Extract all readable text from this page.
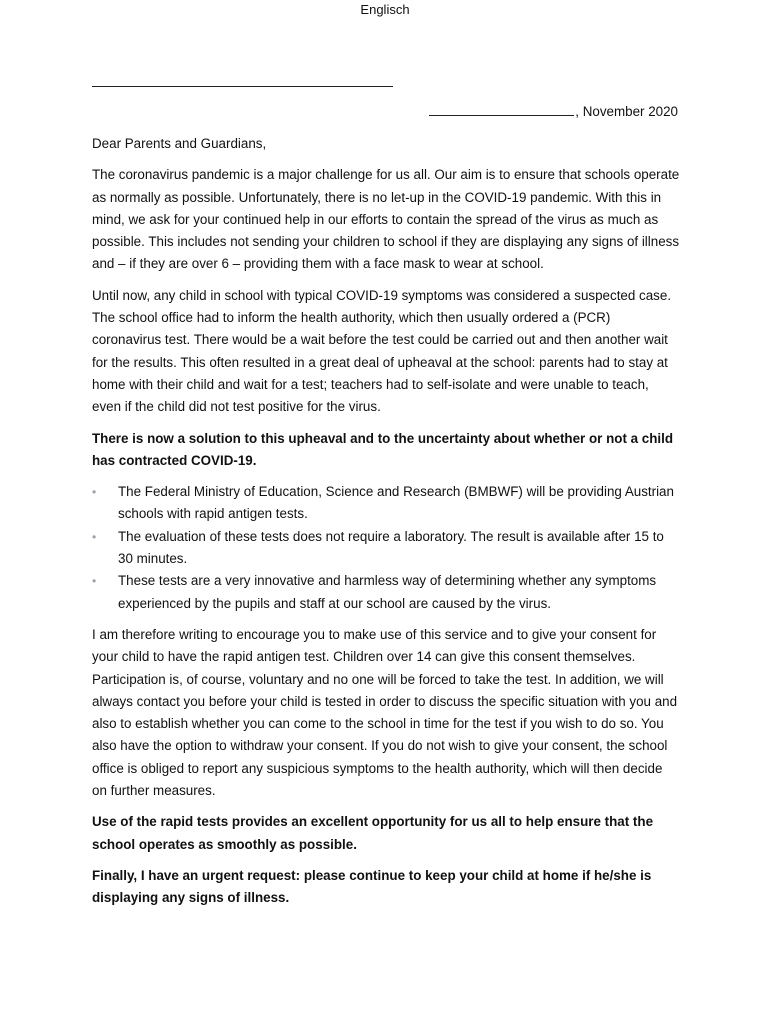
Englisch
, November 2020

Dear Parents and Guardians,

The coronavirus pandemic is a major challenge for us all. Our aim is to ensure that schools operate as normally as possible. Unfortunately, there is no let-up in the COVID-19 pandemic. With this in mind, we ask for your continued help in our efforts to contain the spread of the virus as much as possible. This includes not sending your children to school if they are displaying any signs of illness and – if they are over 6 – providing them with a face mask to wear at school.

Until now, any child in school with typical COVID-19 symptoms was considered a suspected case. The school office had to inform the health authority, which then usually ordered a (PCR) coronavirus test. There would be a wait before the test could be carried out and then another wait for the results. This often resulted in a great deal of upheaval at the school: parents had to stay at home with their child and wait for a test; teachers had to self-isolate and were unable to teach, even if the child did not test positive for the virus.

There is now a solution to this upheaval and to the uncertainty about whether or not a child has contracted COVID-19.

• The Federal Ministry of Education, Science and Research (BMBWF) will be providing Austrian schools with rapid antigen tests.
• The evaluation of these tests does not require a laboratory. The result is available after 15 to 30 minutes.
• These tests are a very innovative and harmless way of determining whether any symptoms experienced by the pupils and staff at our school are caused by the virus.

I am therefore writing to encourage you to make use of this service and to give your consent for your child to have the rapid antigen test. Children over 14 can give this consent themselves. Participation is, of course, voluntary and no one will be forced to take the test. In addition, we will always contact you before your child is tested in order to discuss the specific situation with you and also to establish whether you can come to the school in time for the test if you wish to do so. You also have the option to withdraw your consent. If you do not wish to give your consent, the school office is obliged to report any suspicious symptoms to the health authority, which will then decide on further measures.

Use of the rapid tests provides an excellent opportunity for us all to help ensure that the school operates as smoothly as possible.

Finally, I have an urgent request: please continue to keep your child at home if he/she is displaying any signs of illness.
